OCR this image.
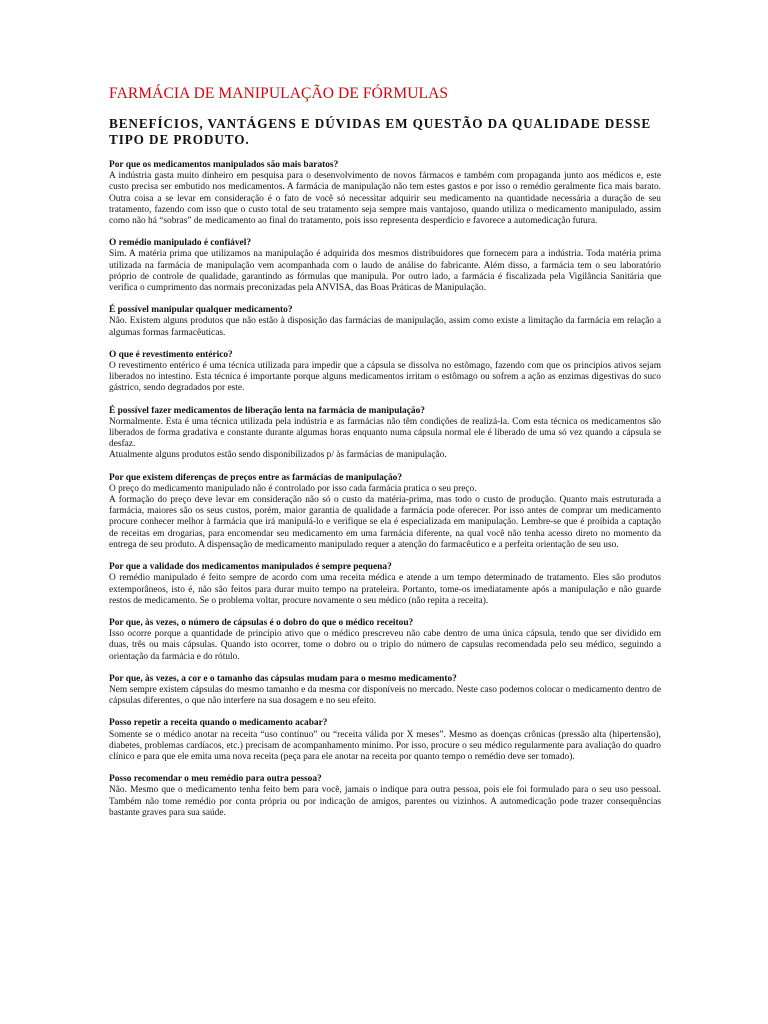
FARMÁCIA DE MANIPULAÇÃO DE FÓRMULAS
BENEFÍCIOS, VANTÁGENS E DÚVIDAS EM QUESTÃO DA QUALIDADE DESSE TIPO DE PRODUTO.

Por que os medicamentos manipulados são mais baratos?

A indústria gasta muito dinheiro em pesquisa para o desenvolvimento de novos fármacos e também com propaganda junto aos médicos e, este custo precisa ser embutido nos medicamentos. A farmácia de manipulação não tem estes gastos e por isso o remédio geralmente fica mais barato. Outra coisa a se levar em consideração é o fato de você só necessitar adquirir seu medicamento na quantidade necessária a duração de seu tratamento, fazendo com isso que o custo total de seu tratamento seja sempre mais vantajoso, quando utiliza o medicamento manipulado, assim como não há “sobras” de medicamento ao final do tratamento, pois isso representa desperdício e favorece a automedicação futura.

O remédio manipulado é confiável?

Sim. A matéria prima que utilizamos na manipulação é adquirida dos mesmos distribuidores que fornecem para a indústria. Toda matéria prima utilizada na farmácia de manipulação vem acompanhada com o laudo de análise do fabricante. Além disso, a farmácia tem o seu laboratório próprio de controle de qualidade, garantindo as fórmulas que manipula. Por outro lado, a farmácia é fiscalizada pela Vigilância Sanitária que verifica o cumprimento das normais preconizadas pela ANVISA, das Boas Práticas de Manipulação.

É possível manipular qualquer medicamento?

Não. Existem alguns produtos que não estão à disposição das farmácias de manipulação, assim como existe a limitação da farmácia em relação a algumas formas farmacêuticas.

O que é revestimento entérico?

O revestimento entérico é uma técnica utilizada para impedir que a cápsula se dissolva no estômago, fazendo com que os princípios ativos sejam liberados no intestino. Esta técnica é importante porque alguns medicamentos irritam o estômago ou sofrem a ação as enzimas digestivas do suco gástrico, sendo degradados por este.

É possível fazer medicamentos de liberação lenta na farmácia de manipulação?

Normalmente. Esta é uma técnica utilizada pela indústria e as farmácias não têm condições de realizá-la. Com esta técnica os medicamentos são liberados de forma gradativa e constante durante algumas horas enquanto numa cápsula normal ele é liberado de uma só vez quando a cápsula se desfaz.
Atualmente alguns produtos estão sendo disponibilizados p/ às farmácias de manipulação.

Por que existem diferenças de preços entre as farmácias de manipulação?

O preço do medicamento manipulado não é controlado por isso cada farmácia pratica o seu preço.
A formação do preço deve levar em consideração não só o custo da matéria-prima, mas todo o custo de produção. Quanto mais estruturada a farmácia, maiores são os seus custos, porém, maior garantia de qualidade a farmácia pode oferecer. Por isso antes de comprar um medicamento procure conhecer melhor à farmácia que irá manipulá-lo e verifique se ela é especializada em manipulação. Lembre-se que é proibida a captação de receitas em drogarias, para encomendar seu medicamento em uma farmácia diferente, na qual você não tenha acesso direto no momento da entrega de seu produto. A dispensação de medicamento manipulado requer a atenção do farmacêutico e a perfeita orientação de seu uso.

Por que a validade dos medicamentos manipulados é sempre pequena?

O remédio manipulado é feito sempre de acordo com uma receita médica e atende a um tempo determinado de tratamento. Eles são produtos extemporâneos, isto é, não são feitos para durar muito tempo na prateleira. Portanto, tome-os imediatamente após a manipulação e não guarde restos de medicamento. Se o problema voltar, procure novamente o seu médico (não repita a receita).

Por que, às vezes, o número de cápsulas é o dobro do que o médico receitou?

Isso ocorre porque a quantidade de princípio ativo que o médico prescreveu não cabe dentro de uma única cápsula, tendo que ser dividido em duas, três ou mais cápsulas. Quando isto ocorrer, tome o dobro ou o triplo do número de capsulas recomendada pelo seu médico, seguindo a orientação da farmácia e do rótulo.

Por que, às vezes, a cor e o tamanho das cápsulas mudam para o mesmo medicamento?

Nem sempre existem cápsulas do mesmo tamanho e da mesma cor disponíveis no mercado. Neste caso podemos colocar o medicamento dentro de cápsulas diferentes, o que não interfere na sua dosagem e no seu efeito.

Posso repetir a receita quando o medicamento acabar?

Somente se o médico anotar na receita “uso contínuo” ou “receita válida por X meses”. Mesmo as doenças crônicas (pressão alta (hipertensão), diabetes, problemas cardíacos, etc.) precisam de acompanhamento mínimo. Por isso, procure o seu médico regularmente para avaliação do quadro clínico e para que ele emita uma nova receita (peça para ele anotar na receita por quanto tempo o remédio deve ser tomado).

Posso recomendar o meu remédio para outra pessoa?

Não. Mesmo que o medicamento tenha feito bem para você, jamais o indique para outra pessoa, pois ele foi formulado para o seu uso pessoal. Também não tome remédio por conta própria ou por indicação de amigos, parentes ou vizinhos. A automedicação pode trazer consequências bastante graves para sua saúde.
